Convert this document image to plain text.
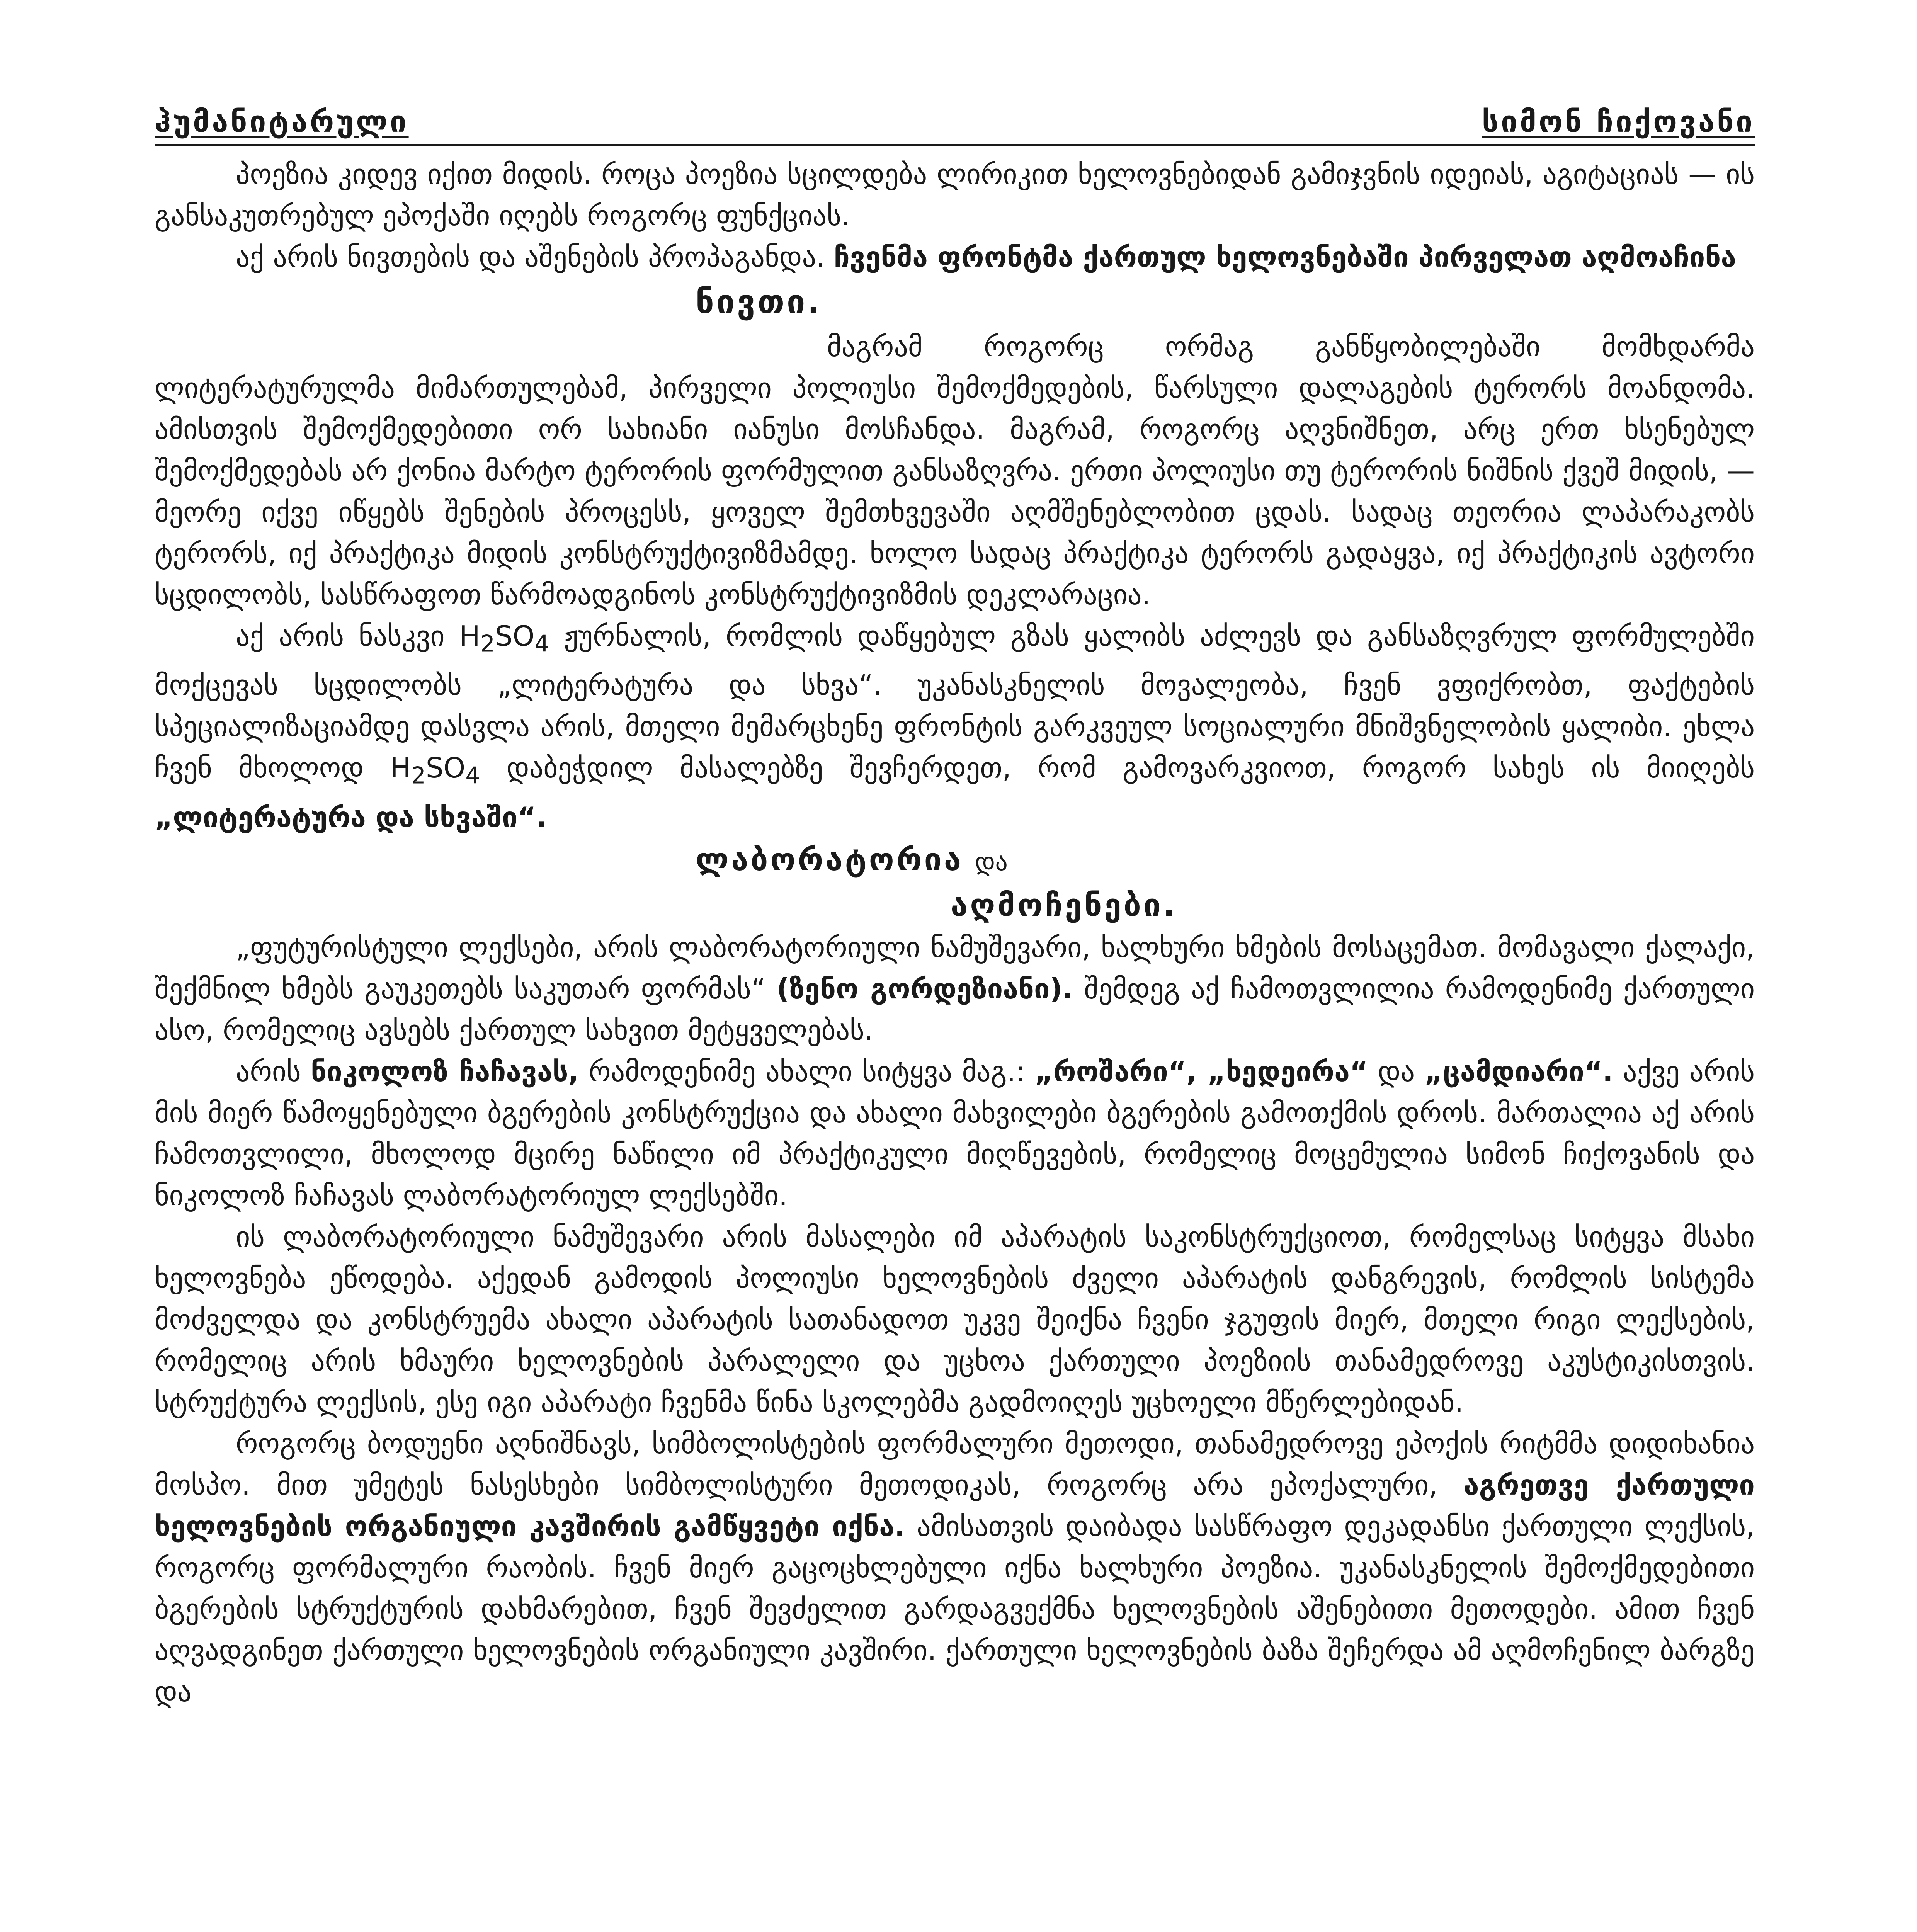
ჰუმანიტარული	სიმონ ჩიქოვანი

პოეზია კიდევ იქით მიდის. როცა პოეზია სცილდება ლირიკით ხელოვნებიდან გამიჯვნის იდეიას, აგიტაციას — ის განსაკუთრებულ ეპოქაში იღებს როგორც ფუნქციას.

აქ არის ნივთების და აშენების პროპაგანდა. ჩვენმა ფრონტმა ქართულ ხელოვნებაში პირველათ აღმოაჩინა

ნივთი.

მაგრამ როგორც ორმაგ განწყობილებაში მომხდარმა ლიტერატურულმა მიმართულებამ, პირველი პოლიუსი შემოქმედების, წარსული დალაგების ტერორს მოანდომა. ამისთვის შემოქმედებითი ორ სახიანი იანუსი მოსჩანდა. მაგრამ, როგორც აღვნიშნეთ, არც ერთ ხსენებულ შემოქმედებას არ ქონია მარტო ტერორის ფორმულით განსაზღვრა. ერთი პოლიუსი თუ ტერორის ნიშნის ქვეშ მიდის, — მეორე იქვე იწყებს შენების პროცესს, ყოველ შემთხვევაში აღმშენებლობით ცდას. სადაც თეორია ლაპარაკობს ტერორს, იქ პრაქტიკა მიდის კონსტრუქტივიზმამდე. ხოლო სადაც პრაქტიკა ტერორს გადაყვა, იქ პრაქტიკის ავტორი სცდილობს, სასწრაფოთ წარმოადგინოს კონსტრუქტივიზმის დეკლარაცია.

აქ არის ნასკვი $H_2SO_4$ ჟურნალის, რომლის დაწყებულ გზას ყალიბს აძლევს და განსაზღვრულ ფორმულებში მოქცევას სცდილობს „ლიტერატურა და სხვა“. უკანასკნელის მოვალეობა, ჩვენ ვფიქრობთ, ფაქტების სპეციალიზაციამდე დასვლა არის, მთელი მემარცხენე ფრონტის გარკვეულ სოციალური მნიშვნელობის ყალიბი. ეხლა ჩვენ მხოლოდ $H_2SO_4$ დაბეჭდილ მასალებზე შევჩერდეთ, რომ გამოვარკვიოთ, როგორ სახეს ის მიიღებს „ლიტერატურა და სხვაში“.

ლაბორატორია და
აღმოჩენები.

„ფუტურისტული ლექსები, არის ლაბორატორიული ნამუშევარი, ხალხური ხმების მოსაცემათ. მომავალი ქალაქი, შექმნილ ხმებს გაუკეთებს საკუთარ ფორმას“ (ზენო გორდეზიანი). შემდეგ აქ ჩამოთვლილია რამოდენიმე ქართული ასო, რომელიც ავსებს ქართულ სახვით მეტყველებას.

არის ნიკოლოზ ჩაჩავას, რამოდენიმე ახალი სიტყვა მაგ.: „როშარი“, „ხედეირა“ და „ცამდიარი“. აქვე არის მის მიერ წამოყენებული ბგერების კონსტრუქცია და ახალი მახვილები ბგერების გამოთქმის დროს. მართალია აქ არის ჩამოთვლილი, მხოლოდ მცირე ნაწილი იმ პრაქტიკული მიღწევების, რომელიც მოცემულია სიმონ ჩიქოვანის და ნიკოლოზ ჩაჩავას ლაბორატორიულ ლექსებში.

ის ლაბორატორიული ნამუშევარი არის მასალები იმ აპარატის საკონსტრუქციოთ, რომელსაც სიტყვა მსახი ხელოვნება ეწოდება. აქედან გამოდის პოლიუსი ხელოვნების ძველი აპარატის დანგრევის, რომლის სისტემა მოძველდა და კონსტრუემა ახალი აპარატის სათანადოთ უკვე შეიქნა ჩვენი ჯგუფის მიერ, მთელი რიგი ლექსების, რომელიც არის ხმაური ხელოვნების პარალელი და უცხოა ქართული პოეზიის თანამედროვე აკუსტიკისთვის. სტრუქტურა ლექსის, ესე იგი აპარატი ჩვენმა წინა სკოლებმა გადმოიღეს უცხოელი მწერლებიდან.

როგორც ბოდუენი აღნიშნავს, სიმბოლისტების ფორმალური მეთოდი, თანამედროვე ეპოქის რიტმმა დიდიხანია მოსპო. მით უმეტეს ნასესხები სიმბოლისტური მეთოდიკას, როგორც არა ეპოქალური, აგრეთვე ქართული ხელოვნების ორგანიული კავშირის გამწყვეტი იქნა. ამისათვის დაიბადა სასწრაფო დეკადანსი ქართული ლექსის, როგორც ფორმალური რაობის. ჩვენ მიერ გაცოცხლებული იქნა ხალხური პოეზია. უკანასკნელის შემოქმედებითი ბგერების სტრუქტურის დახმარებით, ჩვენ შევძელით გარდაგვექმნა ხელოვნების აშენებითი მეთოდები. ამით ჩვენ აღვადგინეთ ქართული ხელოვნების ორგანიული კავშირი. ქართული ხელოვნების ბაზა შეჩერდა ამ აღმოჩენილ ბარგზე და
